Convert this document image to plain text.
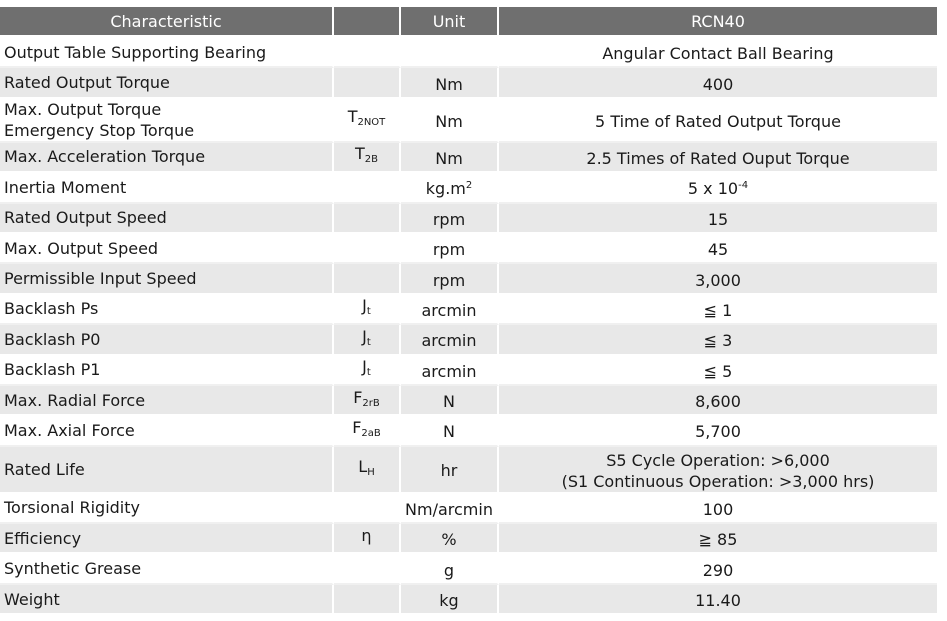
Characteristic		Unit	RCN40

Output Table Supporting Bearing			Angular Contact Ball Bearing

Rated Output Torque		Nm	400

Max. Output Torque
Emergency Stop Torque	$T_{2NOT}$	Nm	5 Time of Rated Output Torque

Max. Acceleration Torque	$T_{2B}$	Nm	2.5 Times of Rated Ouput Torque

Inertia Moment		$kg.m^2$	5 x $10^{-4}$

Rated Output Speed		rpm	15

Max. Output Speed		rpm	45

Permissible Input Speed		rpm	3,000

Backlash Ps	$J_t$	arcmin	≦ 1

Backlash P0	$J_t$	arcmin	≦ 3

Backlash P1	$J_t$	arcmin	≦ 5

Max. Radial Force	$F_{2rB}$	N	8,600

Max. Axial Force	$F_{2aB}$	N	5,700

Rated Life	$L_H$	hr	S5 Cycle Operation: >6,000
(S1 Continuous Operation: >3,000 hrs)

Torsional Rigidity		Nm/arcmin	100

Efficiency	η	%	≧ 85

Synthetic Grease		g	290

Weight		kg	11.40
